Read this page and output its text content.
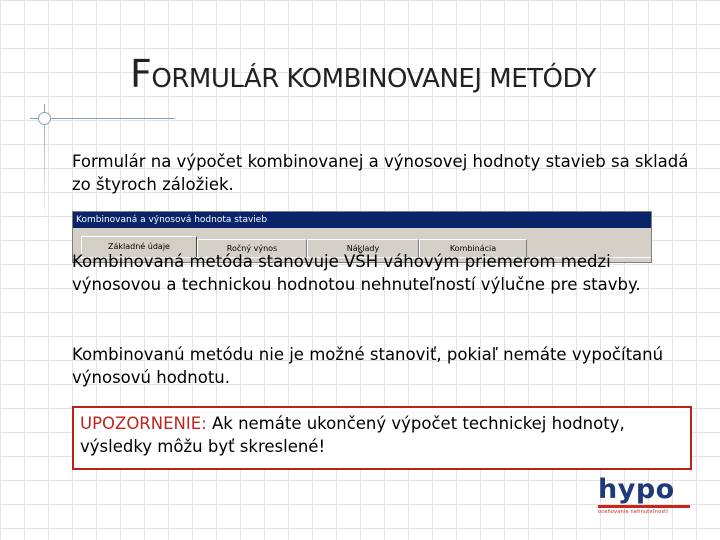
FORMULÁR KOMBINOVANEJ METÓDY
Formulár na výpočet kombinovanej a výnosovej hodnoty stavieb sa skladá zo štyroch záložiek.
Kombinovaná a výnosová hodnota stavieb
Základné údaje	Ročný výnos	Náklady	Kombinácia
Kombinovaná metóda stanovuje VŠH váhovým priemerom medzi výnosovou a technickou hodnotou nehnuteľností výlučne pre stavby.
Kombinovanú metódu nie je možné stanoviť, pokiaľ nemáte vypočítanú výnosovú hodnotu.
UPOZORNENIE: Ak nemáte ukončený výpočet technickej hodnoty, výsledky môžu byť skreslené!
hypo
oceňovanie nehnuteľností
